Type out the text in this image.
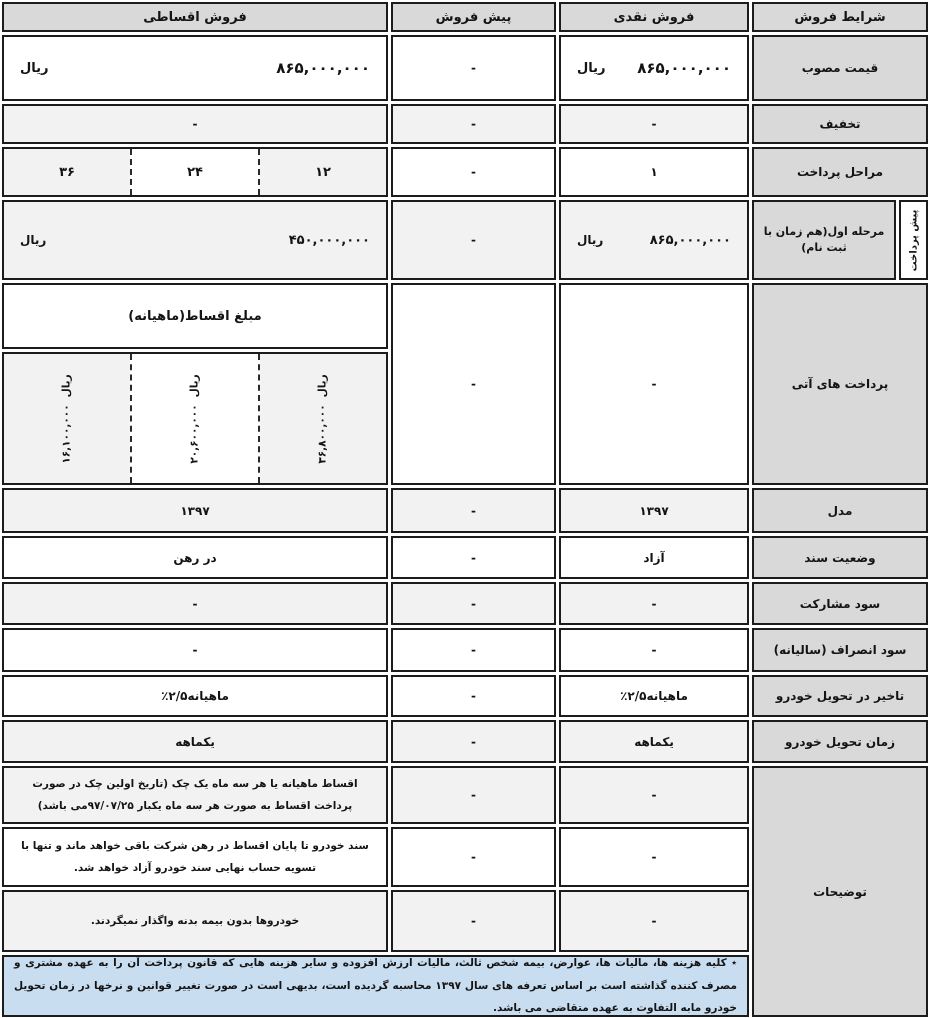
شرایط فروش
فروش نقدی
پیش فروش
فروش اقساطی
قیمت مصوب
۸۶۵,۰۰۰,۰۰۰
ریال
-
۸۶۵,۰۰۰,۰۰۰
ریال
تخفیف
-
-
-
مراحل پرداخت
۱
-
۱۲
۲۴
۳۶
پیش پرداخت
مرحله اول(هم زمان با ثبت نام)
۸۶۵,۰۰۰,۰۰۰
ریال
-
۴۵۰,۰۰۰,۰۰۰
ریال
پرداخت های آتی
-
-
مبلغ اقساط(ماهیانه)
ریال
۳۶,۸۰۰,۰۰۰
ریال
۲۰,۶۰۰,۰۰۰
ریال
۱۶,۱۰۰,۰۰۰
مدل
۱۳۹۷
-
۱۳۹۷
وضعیت سند
آزاد
-
در رهن
سود مشارکت
-
-
-
سود انصراف (سالیانه)
-
-
-
تاخیر در تحویل خودرو
٪۲/۵ماهیانه
-
٪۲/۵ماهیانه
زمان تحویل خودرو
یکماهه
-
یکماهه
توضیحات
-
-
اقساط ماهیانه یا هر سه ماه یک چک (تاریخ اولین چک در صورت پرداخت اقساط به صورت هر سه ماه یکبار ۹۷/۰۷/۲۵می باشد)
-
-
سند خودرو تا پایان اقساط در رهن شرکت باقی خواهد ماند و تنها با تسویه حساب نهایی سند خودرو آزاد خواهد شد.
-
-
خودروها بدون بیمه بدنه واگذار نمیگردند.
٭ کلیه هزینه ها، مالیات ها، عوارض، بیمه شخص ثالث، مالیات ارزش افزوده و سایر هزینه هایی که قانون پرداخت آن را به عهده مشتری و مصرف کننده گذاشته است بر اساس تعرفه های سال ۱۳۹۷ محاسبه گردیده است، بدیهی است در صورت تغییر قوانین و نرخها در زمان تحویل خودرو مابه التفاوت به عهده متقاضی می باشد.
